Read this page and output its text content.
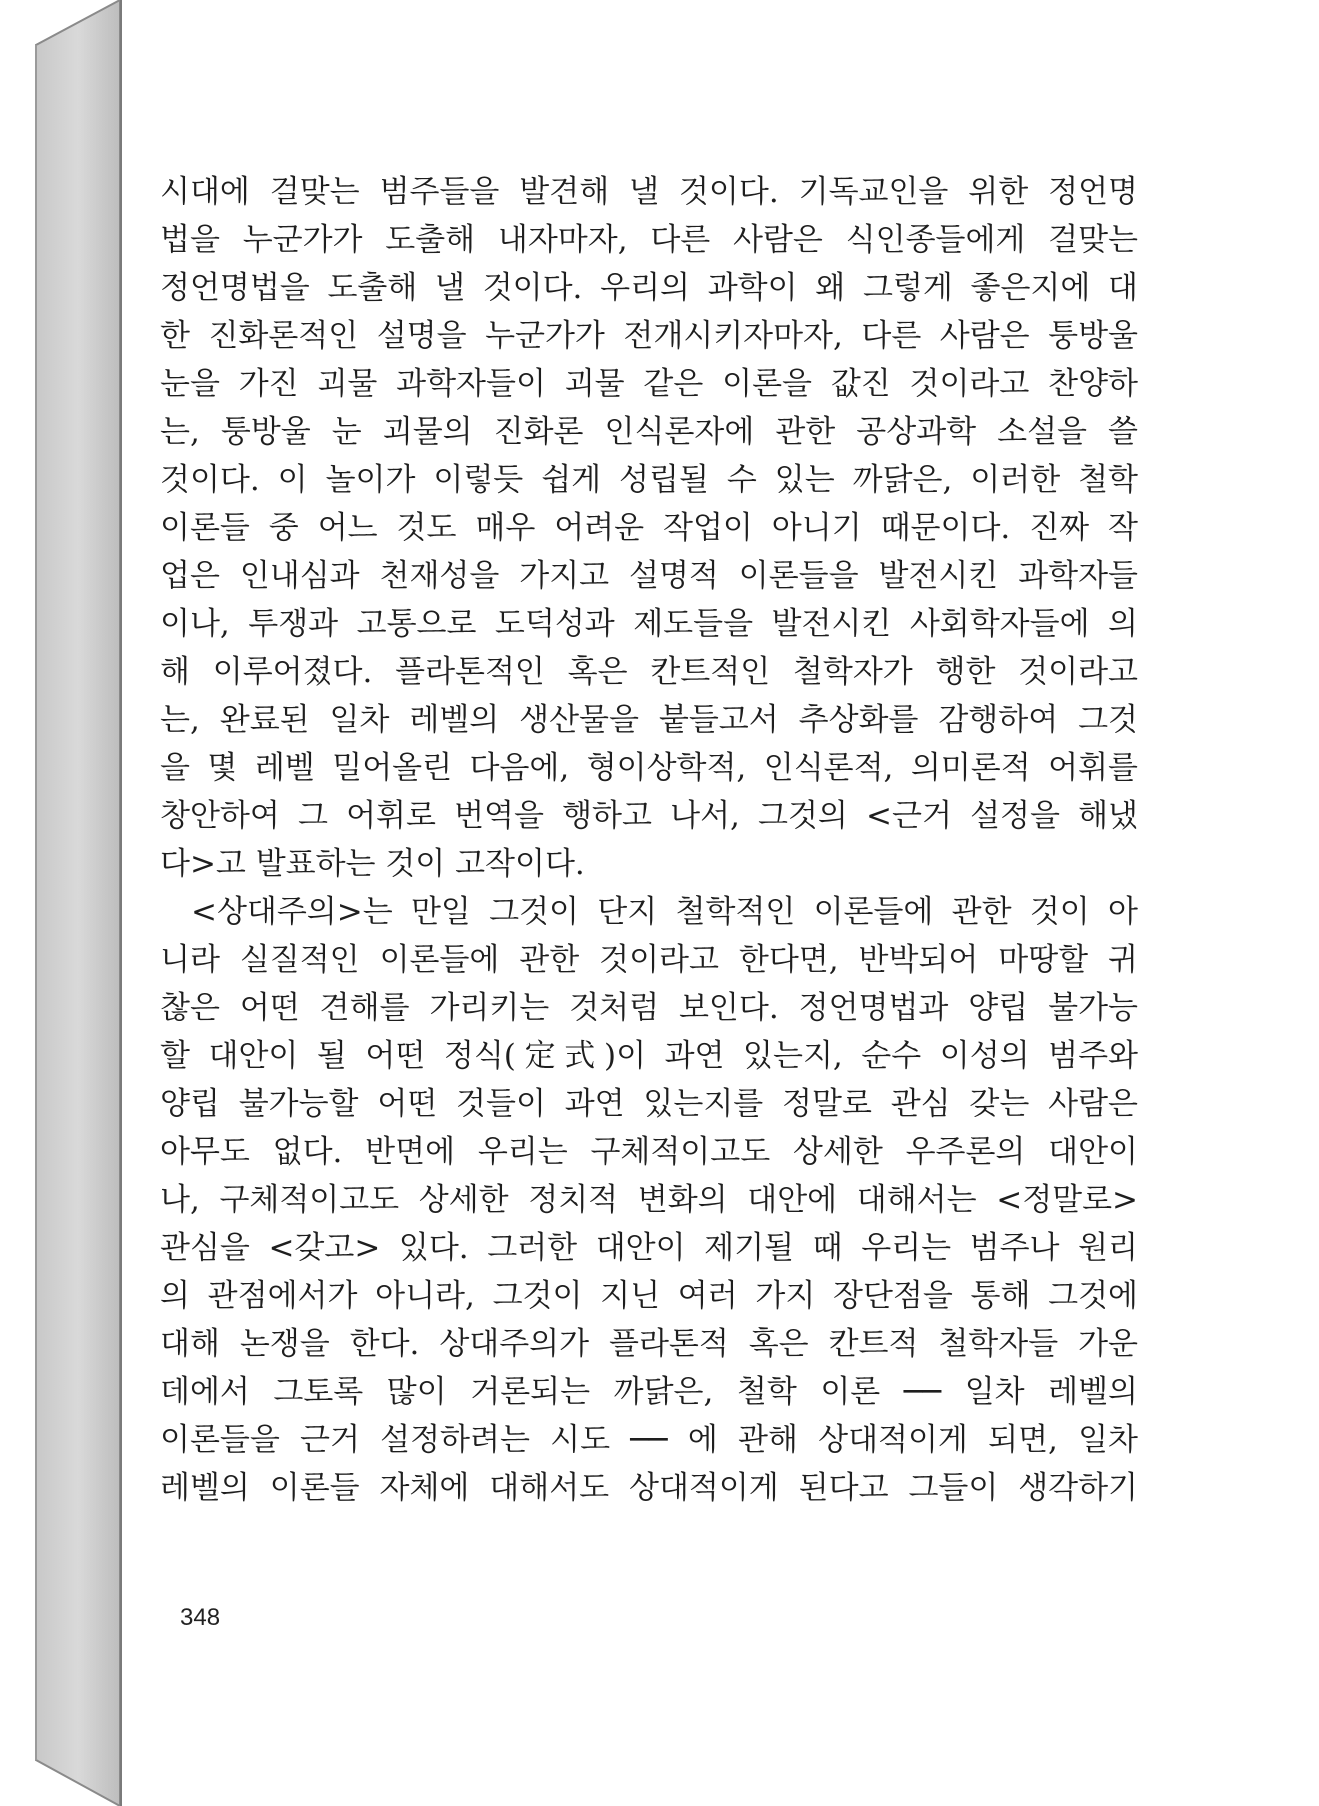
시대에 걸맞는 범주들을 발견해 낼 것이다. 기독교인을 위한 정언명
법을 누군가가 도출해 내자마자, 다른 사람은 식인종들에게 걸맞는
정언명법을 도출해 낼 것이다. 우리의 과학이 왜 그렇게 좋은지에 대
한 진화론적인 설명을 누군가가 전개시키자마자, 다른 사람은 퉁방울
눈을 가진 괴물 과학자들이 괴물 같은 이론을 값진 것이라고 찬양하
는, 퉁방울 눈 괴물의 진화론 인식론자에 관한 공상과학 소설을 쓸
것이다. 이 놀이가 이렇듯 쉽게 성립될 수 있는 까닭은, 이러한 철학
이론들 중 어느 것도 매우 어려운 작업이 아니기 때문이다. 진짜 작
업은 인내심과 천재성을 가지고 설명적 이론들을 발전시킨 과학자들
이나, 투쟁과 고통으로 도덕성과 제도들을 발전시킨 사회학자들에 의
해 이루어졌다. 플라톤적인 혹은 칸트적인 철학자가 행한 것이라고
는, 완료된 일차 레벨의 생산물을 붙들고서 추상화를 감행하여 그것
을 몇 레벨 밀어올린 다음에, 형이상학적, 인식론적, 의미론적 어휘를
창안하여 그 어휘로 번역을 행하고 나서, 그것의 <근거 설정을 해냈
다>고 발표하는 것이 고작이다.
<상대주의>는 만일 그것이 단지 철학적인 이론들에 관한 것이 아
니라 실질적인 이론들에 관한 것이라고 한다면, 반박되어 마땅할 귀
찮은 어떤 견해를 가리키는 것처럼 보인다. 정언명법과 양립 불가능
할 대안이 될 어떤 정식(定式)이 과연 있는지, 순수 이성의 범주와
양립 불가능할 어떤 것들이 과연 있는지를 정말로 관심 갖는 사람은
아무도 없다. 반면에 우리는 구체적이고도 상세한 우주론의 대안이
나, 구체적이고도 상세한 정치적 변화의 대안에 대해서는 <정말로>
관심을 <갖고> 있다. 그러한 대안이 제기될 때 우리는 범주나 원리
의 관점에서가 아니라, 그것이 지닌 여러 가지 장단점을 통해 그것에
대해 논쟁을 한다. 상대주의가 플라톤적 혹은 칸트적 철학자들 가운
데에서 그토록 많이 거론되는 까닭은, 철학 이론 ── 일차 레벨의
이론들을 근거 설정하려는 시도 ── 에 관해 상대적이게 되면, 일차
레벨의 이론들 자체에 대해서도 상대적이게 된다고 그들이 생각하기
348
